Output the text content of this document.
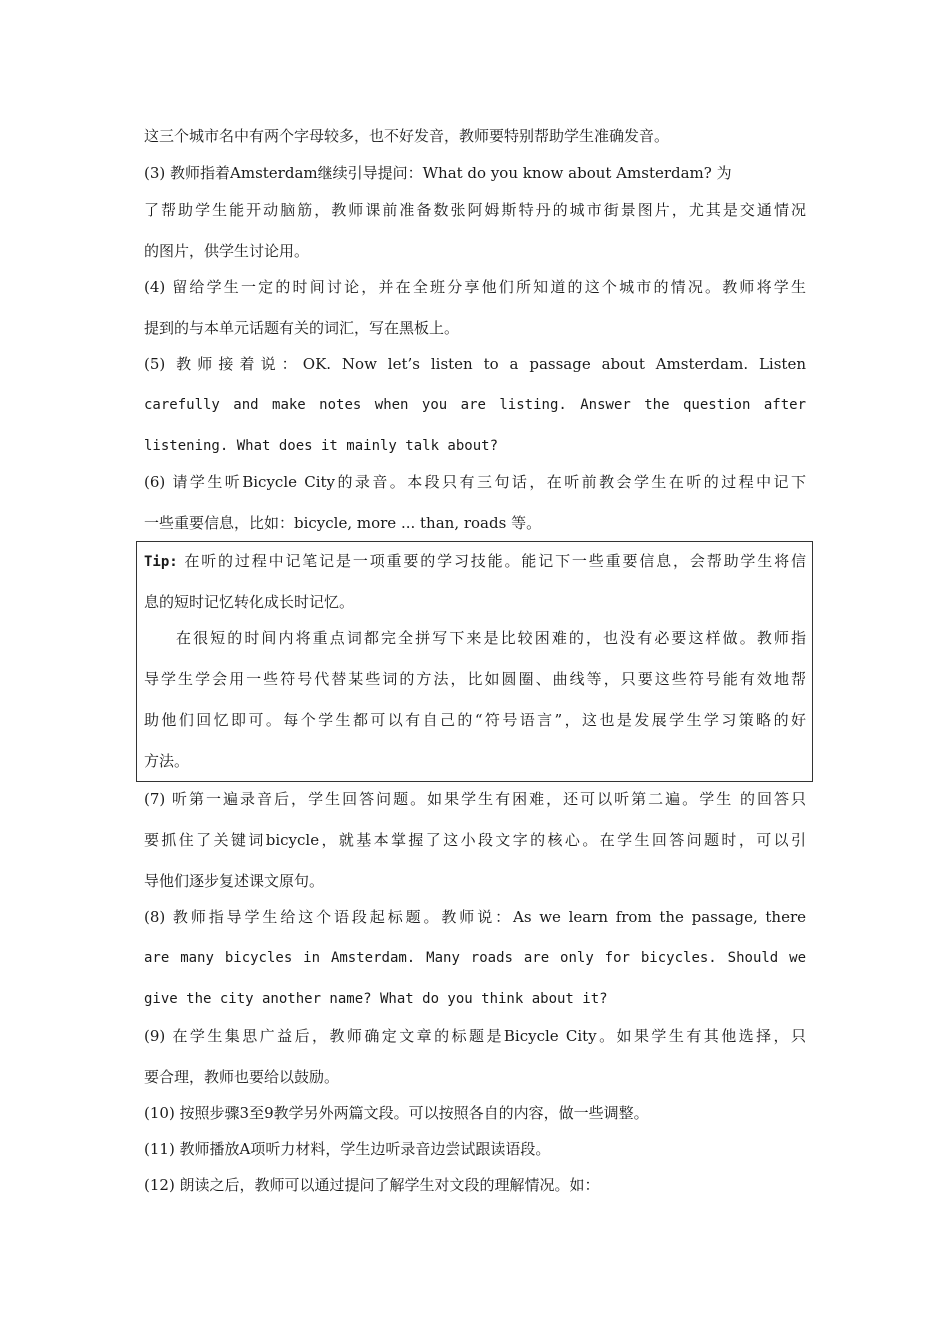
这三个城市名中有两个字母较多，也不好发音，教师要特别帮助学生准确发音。
(3) 教师指着Amsterdam继续引导提问：What do you know about Amsterdam? 为
了帮助学生能开动脑筋，教师课前准备数张阿姆斯特丹的城市街景图片，尤其是交通情况
的图片，供学生讨论用。
(4) 留给学生一定的时间讨论，并在全班分享他们所知道的这个城市的情况。教师将学生
提到的与本单元话题有关的词汇，写在黑板上。
(5) 教师接着说：OK. Now let’s listen to a passage about Amsterdam. Listen
carefully and make notes when you are listing. Answer the question after
listening. What does it mainly talk about?
(6) 请学生听Bicycle City的录音。本段只有三句话，在听前教会学生在听的过程中记下
一些重要信息，比如：bicycle, more ... than, roads 等。
Tip: 在听的过程中记笔记是一项重要的学习技能。能记下一些重要信息，会帮助学生将信
息的短时记忆转化成长时记忆。
在很短的时间内将重点词都完全拼写下来是比较困难的，也没有必要这样做。教师指
导学生学会用一些符号代替某些词的方法，比如圆圈、曲线等，只要这些符号能有效地帮
助他们回忆即可。每个学生都可以有自己的“符号语言”，这也是发展学生学习策略的好
方法。
(7) 听第一遍录音后，学生回答问题。如果学生有困难，还可以听第二遍。学生 的回答只
要抓住了关键词bicycle，就基本掌握了这小段文字的核心。在学生回答问题时，可以引
导他们逐步复述课文原句。
(8) 教师指导学生给这个语段起标题。教师说：As we learn from the passage, there
are many bicycles in Amsterdam. Many roads are only for bicycles. Should we
give the city another name? What do you think about it?
(9) 在学生集思广益后，教师确定文章的标题是Bicycle City。如果学生有其他选择，只
要合理，教师也要给以鼓励。
(10) 按照步骤3至9教学另外两篇文段。可以按照各自的内容，做一些调整。
(11) 教师播放A项听力材料，学生边听录音边尝试跟读语段。
(12) 朗读之后，教师可以通过提问了解学生对文段的理解情况。如：
